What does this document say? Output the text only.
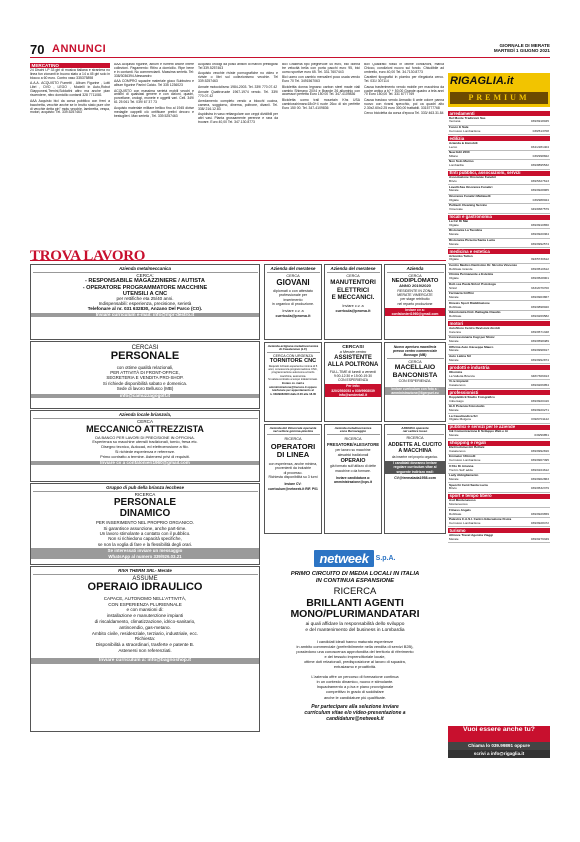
70 ANNUNCI	GIORNALE DI MERATE
MARTEDÌ 1 GIUGNO 2021
MERCATINO

24 Dischi LP 33 giri di musica italiana e straniera no linea fun zionanti in buono stato a 14 a 45 giri solo in blocco a 60 euro. Contro vaso 335375898

A.A.A. ACQUISTO Fumetti , Album Figurine , Lotti Libri , DVD , LEGO , Modelli in Auto,Robot Giapponesi,Trenini,Soldatini altro ma anche pian riscendere, nitro domicilio contanti 328 7711081

AAA Acquisto bici da corsa pubblico con freni a bacchetta, vecchie anche se in brutto stato pure che di vecchie detta pin" motu vecchie, lambretta, vespa, motori, acquisto: Tel. 339.5257463

AAA Acquisto figurine, album e fumetti anche intere collezioni. Pagamento: Ritiro a domicilio. Ripe bene e in contanti. No commercianti. Massima serietà. Tel: 338/3036394 Alessandro

AAA COMPRO squadre materiale gioco Subbuteo e album figurine Panini Calcio. Tel 335 1236023

ACQUISTO con massima serietà mobili vecchi e antichi di qualsiasi genere e con dizioni, quadri, porcellane, orologi, monete e oggetti vari. Cell. 349/ 61 25 061 Tel. 039/ 67 37 73

Acquisto materiale militare bellico fino al 1945 divise medaglie cappelli ciò ontificare prelivi decoro e bestuglieri. Max serietà , Tel. 339.5257463

Acquisto orologi da polso antichi di marchi prestigiosi Tel 339.5257463

Acquisto vecchie riviste pornografiche no video e riviste o libri sul collezionismo vecchie. Tel 339.5257463

Annate motociclismo 1984-2003. Tel. 339/ 770.07.42

Annate Quattroruote 1967-1974 vendo. Tel. 339/ 770.07.42

Arredamento completo vendo a blocchi cucina, camera, soggiorno, dinerna, poltrone, divanii. Tel. 338/ 216.12.83

Aspidistra in vaso rettangolare con ceppi dividibili per altri vasi. Pianta grossamente perenne e rara da trovare. Euro 40,00 Tel. 347.130.8773

Bici Graziella tipo pieghevole 45 euro, bici donna tre velocità bella con porta pacchi euro 95, bici uomo sportive euro 65. Tel. 331.7607443

Bici uomo con cambio mercalieri poco usata vendo Euro 70 Tel. 3491567063

Biciclettta donna legnano carbon steel made viali cambio Shimano 20X4 e Brande 26 alluminio con accessori perfetta Euro 150 00 Tel. 347-4109836

Bicicletta uomo trail mountain Khs USA cambiosshimano18x3+4 ruote 26cc di sin perfette Euro 150 00. Tel. 347-4109836

Box Quadrato rosso in ottime condizioni, marca Chicco, condizioni nuovo sul fondo. Chiudibile ad ombrello, euro 40,00 Tel. 34.7130.8773

Caratteri tipografici in piombo per rilegatoria cerco. Tel. 031/ 307114

Causa trasferimento vendo mobile per macchina da cucire antico a b? + 50,00 Grande quadro a tela anni 70 Euro 150,00 Tel. 331 6777769

Causa trasloco vendo Armadio 6 ante colore panna nuovo con rivarsi specchio, poi ca quadri alto 2.30x2.60x2.25 euro 300,00 trattabili. 3315777768

Cerco bicicletta da corsa d'epoca Tel. 333/ 463.31.84

RIGAGLIA.it
PREMIUM
arredamenti
Del Monte Tradizioni Sas
Vercana	039/6918045
Fuoco E Sale
Cernusco Lombardone	039/513708
edilizia
Azienda & Immobili
Lecco	0341/281404
New Edil 2000
Milano	039/998822
Non Solo Marmo
Lombardia	039/8895532
Enti pubblici, associazioni, servizi
Associazione Onoranze Funebri
Brivio	039/5327613
Lavelli-Sas Onoranze Funebri
Merate	039/9928965
Onoranze Funebri Mattavelli
Olgiate	039/988024
Puliteoh Cleaning Service
Vimercate	349/8387579
locali e gastronomia
La Ca' Di Mai
Olgiate	039/9910650
Ristorante La Tavolina
Merate	039/9920364
Ristorante Pizzeria Santa Lucia
Merate	039/9992574
medicina e estetica
Artioniko Tatton
Olgiate	393/5730612
Centro Medico Dentistico Dr. Nicotra Vincenzo
Robbiate Grande	039/9510612
Clinica Permanente e Estetica
Olgiate	039/9528001
Dott.ssa Paola Sirtori Psicologa
Sirtori	333/2076700
Farmacia Griffini
Merate	039/9903867
Kinesis Sport Riabilitazione
Robbiate	039/9898020
Odontoiatra Dott. Battaglia Claudio
Robbiate	039/9269582
motori
AutoStore Centro Revisioni Airoldi
Carenna	039/9571348
Concessionaria Cagi per Motor
Merate	039/9598489
Officina Auto Giuseppe Mauro
Merate	039/9998917
Auto Latina Srl
Merate	039/9992874
prodotti e industria
Oliomica
La Valletta Brianza	348/7306913
Vi.re Impianti
Casatenovo	039/9206954
professionisti
Doppleblick Studio Fotografico
Imbersago	039/9920416
Hi-fi Potenza Fotostudio
Merate	039/9920271
La Casalmodica Srl
Olgiate Molgora	039/9701122
pubblici e servizi per le aziende
Ink Comunicazione E Sviluppo Web e Ar
Merate	039/99851
shopping e regali
Elettrodomestici Bollani
Casatenovo	039/9992816
Emmeter Ultimolli
Cernusco Lombardone	039/9907495
Il Filo Di Arianna
Trezzo Sull' adda	039/9164612
Lady Abbigliamento
Merate	039/9902863
Specchi Centi Santa Lucia
Brivio	039/9532379
sport e tempo libero
Asd Montenevoso
Montenevoso
Fitness Angels
Robbiate	039/9929659
Palestra C.A.S.I. Centro Educazione Fisica
Cernusco Lombardone	039/9928472
turismo
Allinore Travel Agenzia Viaggi
Merate	039/9279349
TROVA LAVORO
Azienda metalmeccanica
CERCA:
- RESPONSABILE MAGAZZINIERE / AUTISTA
- OPERATORE PROGRAMMATORE MACCHINE
UTENSILI A CNC
per rettifiche eta 25/40 anni.
Indispensabili: esperienza, precisione, serietà
Telefonare al nr. 031 632830, Anzano Del Parco (CO).
Inviare curriculum e-mail: info@mpr-destro.it
CERCASI
PERSONALE
con ottime qualità relazionali,
PER ATTIVITÀ DI FRONT-OFFICE,
SEGRETERIA E VENDITA PRO-SHOP.
Si richiede disponibilità sabato e domenica.
Sede di lavoro Bellusco (MB)
info@camuzzagogolf.it
Azienda locale brianzola,
CERCA
MECCANICO ATTREZZISTA
DA BANCO PER LAVORI DI PRECISIONE IN OFFICINA.
Esperienza su macchine utensili tradizionali, tornio, fresa etc.
Disegno tecnico, Autocad, ed elettroerosione a filo.
Si richiede esperienza e referenze.
Primo contratto a termine. Astenersi privi di requisiti.
Inviare cv a confalonieri1960@gmail.com
Gruppo di pub della brianza lecchese
RICERCA
PERSONALE
DINAMICO
PER INSERIMENTO NEL PROPRIO ORGANICO.
Si garantisce assunzione, anche part-time.
Un lavoro stimolante a contatto con il pubblico.
Non si richiedono capacità specifiche,
se non la voglia di fare e la flessibilità degli orari.
Se interessati inviare un messaggio
WhatsApp al numero 339/926.03.21
RIVA THERM SRL- Merate
ASSUME
OPERAIO IDRAULICO
CAPACE, AUTONOMO NELL'ATTIVITÀ,
CON ESPERIENZA PLURIENNALE
e con mansioni di:
installazione e manutenzione impianti
di riscaldamento, climatizzazione, idrico-sanitario,
antincendio, gas-metano.
Ambito civile, residenziale, terziario, industriale, ecc.
Richiesta:
Disponibilità a straordinari, trasferte e patente B.
Astenersi non referenziati.
Inviare curriculum a: info@bagnoshop.it
Azienda del meratese
CERCA
GIOVANI
diplomati o con attestato
professionale per
inserimento
in organico di produzione.
Inviare c.v. a
curricula@promo.it
Azienda del meratese
CERCA
MANUTENTORI
ELETTRICI
E MECCANICI.
Inviare c.v. a
curricula@promo.it
Azienda
CERCA
NEODIPLOMATO
ANNO 2019/2020
RESIDENTE IN ZONA
MERATE VIMERCATE
per stage retribuito
nel reparto produzione
Inviare cv a:
confalonieri1960@gmail.com
Azienda artigiana metalmeccanica
di Casatenove (LC)
CERCA CON URGENZA
TORNITORE CNC
Requisiti richiesti esperienza minima di 5 anni, conoscenza programmazione CNC, programmazione autonoma a bordo macchina, autonomia.
Si valuta contratto a tempo indeterminato.
Inviare cv. mail a
amministrazione@trecuox.it oppure
telefonare per appuntamento al
n. 039/9963360 dalle 8.00 alle 18.00
CERCASI
a Merate centro
ASSISTENTE
ALLA POLTRONA
FULL-TIME di lunedì a venerdì
9:00-12:30 e 15:00-19:30
CON ESPERIENZA
Per info:
320/2592053 o 039/9908039
info@smdentall.it
Nuovo apertura macelleria
presso centro commerciale
Bussago (MB)
CERCA
MACELLAIO
BANCONISTA
CON ESPERIENZA.
Inviare curriculum con foto a :
amministrazione@ilgerpuri.eu
Azienda del Vimercate operante
nel settore gomma-plastica
RICERCA
OPERATORI
DI LINEA
con esperienza, anche minima,
provenienti da industrie
di processo.
Richiesta disponibilità su 3 turni
Inviare CV:
curriculum@netweek.it RIF. P01
Azienda metalmeccanica
zona Bernareggio
RICERCA
FRESATORE/ALESATORE
per lavoro su macchine
alesatrici tradizionali
OPERAIO
già formato sull'utilizzo di dette
macchine o da formare.
Inviare candidatura a:
amministrazione@cps.it
AZIENDA operante
nel settore lusso
RICERCA
ADDETTE AL CUCITO
A MACCHINA
da inserire nel proprio organico.
I candidati dovranno inviare
regolare curriculum vitae al
seguente indirizzo mail:
CV@tremalada1958.com
netweek	S.p.A.
PRIMO CIRCUITO DI MEDIA LOCALI IN ITALIA
IN CONTINUA ESPANSIONE
RICERCA
BRILLANTI AGENTI
MONO/PLURIMANDATARI
ai quali affidare la responsabilità dello sviluppo
e del mantenimento del business in Lombardia
I candidati ideali hanno maturato esperienze
in ambito commerciale (preferibilmente nella vendita di servizi B2B),
possiedono una conoscenza approfondita del territorio di riferimento
e del tessuto imprenditoriale locale,
ottime doti relazionali, predisposizione al lavoro di squadra,
entusiasmo e proattività.
L'azienda offre un percorso di formazione continua
in un contesto dinamico, nuovo e stimolante.
Inquadramento a p.iva e piano provvigionale
competitivo in grado di soddisfare
anche le candidature più qualificate.
Per partecipare alla selezione inviare
curriculum vitae e/o video-presentazione a
candidature@netweek.it
Vuoi essere anche tu?
Chiama lo 039.99891 oppure
scrivi a info@rigaglia.it
